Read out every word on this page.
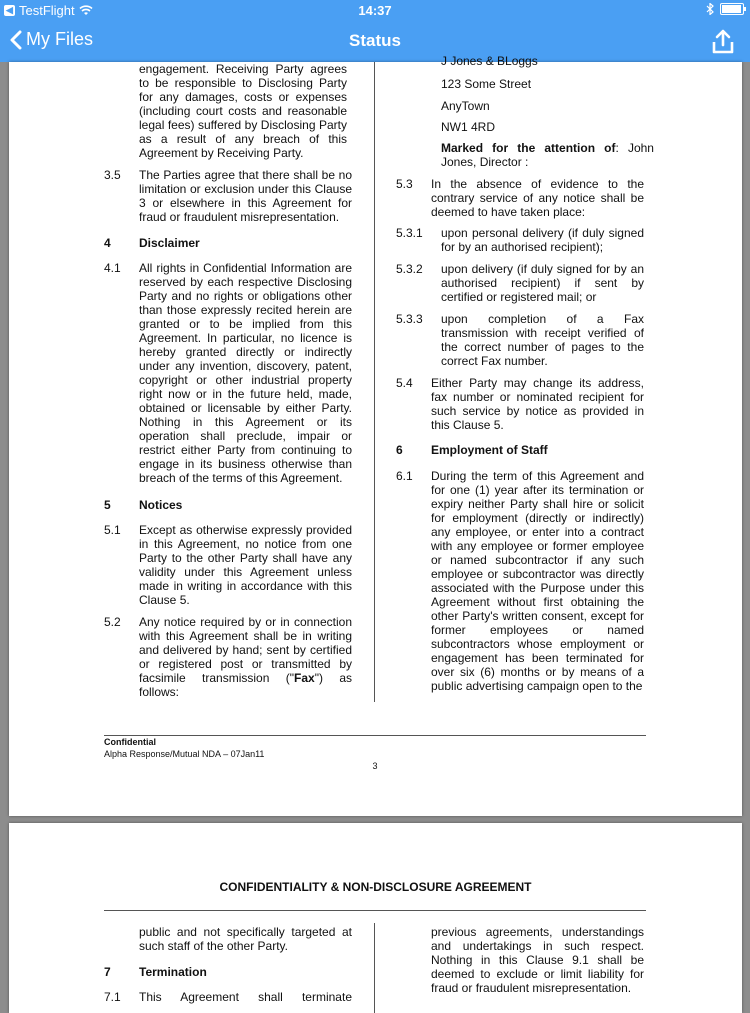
◀ TestFlight	14:37
My Files	Status
engagement. Receiving Party agrees to be responsible to Disclosing Party for any damages, costs or expenses (including court costs and reasonable legal fees) suffered by Disclosing Party as a result of any breach of this Agreement by Receiving Party.
3.5 The Parties agree that there shall be no limitation or exclusion under this Clause 3 or elsewhere in this Agreement for fraud or fraudulent misrepresentation.
4 Disclaimer
4.1 All rights in Confidential Information are reserved by each respective Disclosing Party and no rights or obligations other than those expressly recited herein are granted or to be implied from this Agreement. In particular, no licence is hereby granted directly or indirectly under any invention, discovery, patent, copyright or other industrial property right now or in the future held, made, obtained or licensable by either Party. Nothing in this Agreement or its operation shall preclude, impair or restrict either Party from continuing to engage in its business otherwise than breach of the terms of this Agreement.
5 Notices
5.1 Except as otherwise expressly provided in this Agreement, no notice from one Party to the other Party shall have any validity under this Agreement unless made in writing in accordance with this Clause 5.
5.2 Any notice required by or in connection with this Agreement shall be in writing and delivered by hand; sent by certified or registered post or transmitted by facsimile transmission ("Fax") as follows:
J Jones & BLoggs
123 Some Street
AnyTown
NW1 4RD
Marked for the attention of: John Jones, Director :
5.3 In the absence of evidence to the contrary service of any notice shall be deemed to have taken place:
5.3.1 upon personal delivery (if duly signed for by an authorised recipient);
5.3.2 upon delivery (if duly signed for by an authorised recipient) if sent by certified or registered mail; or
5.3.3 upon completion of a Fax transmission with receipt verified of the correct number of pages to the correct Fax number.
5.4 Either Party may change its address, fax number or nominated recipient for such service by notice as provided in this Clause 5.
6 Employment of Staff
6.1 During the term of this Agreement and for one (1) year after its termination or expiry neither Party shall hire or solicit for employment (directly or indirectly) any employee, or enter into a contract with any employee or former employee or named subcontractor if any such employee or subcontractor was directly associated with the Purpose under this Agreement without first obtaining the other Party's written consent, except for former employees or named subcontractors whose employment or engagement has been terminated for over six (6) months or by means of a public advertising campaign open to the
Confidential
Alpha Response/Mutual NDA – 07Jan11
3
CONFIDENTIALITY & NON-DISCLOSURE AGREEMENT
public and not specifically targeted at such staff of the other Party.
7 Termination
7.1 This Agreement shall terminate
previous agreements, understandings and undertakings in such respect. Nothing in this Clause 9.1 shall be deemed to exclude or limit liability for fraud or fraudulent misrepresentation.
